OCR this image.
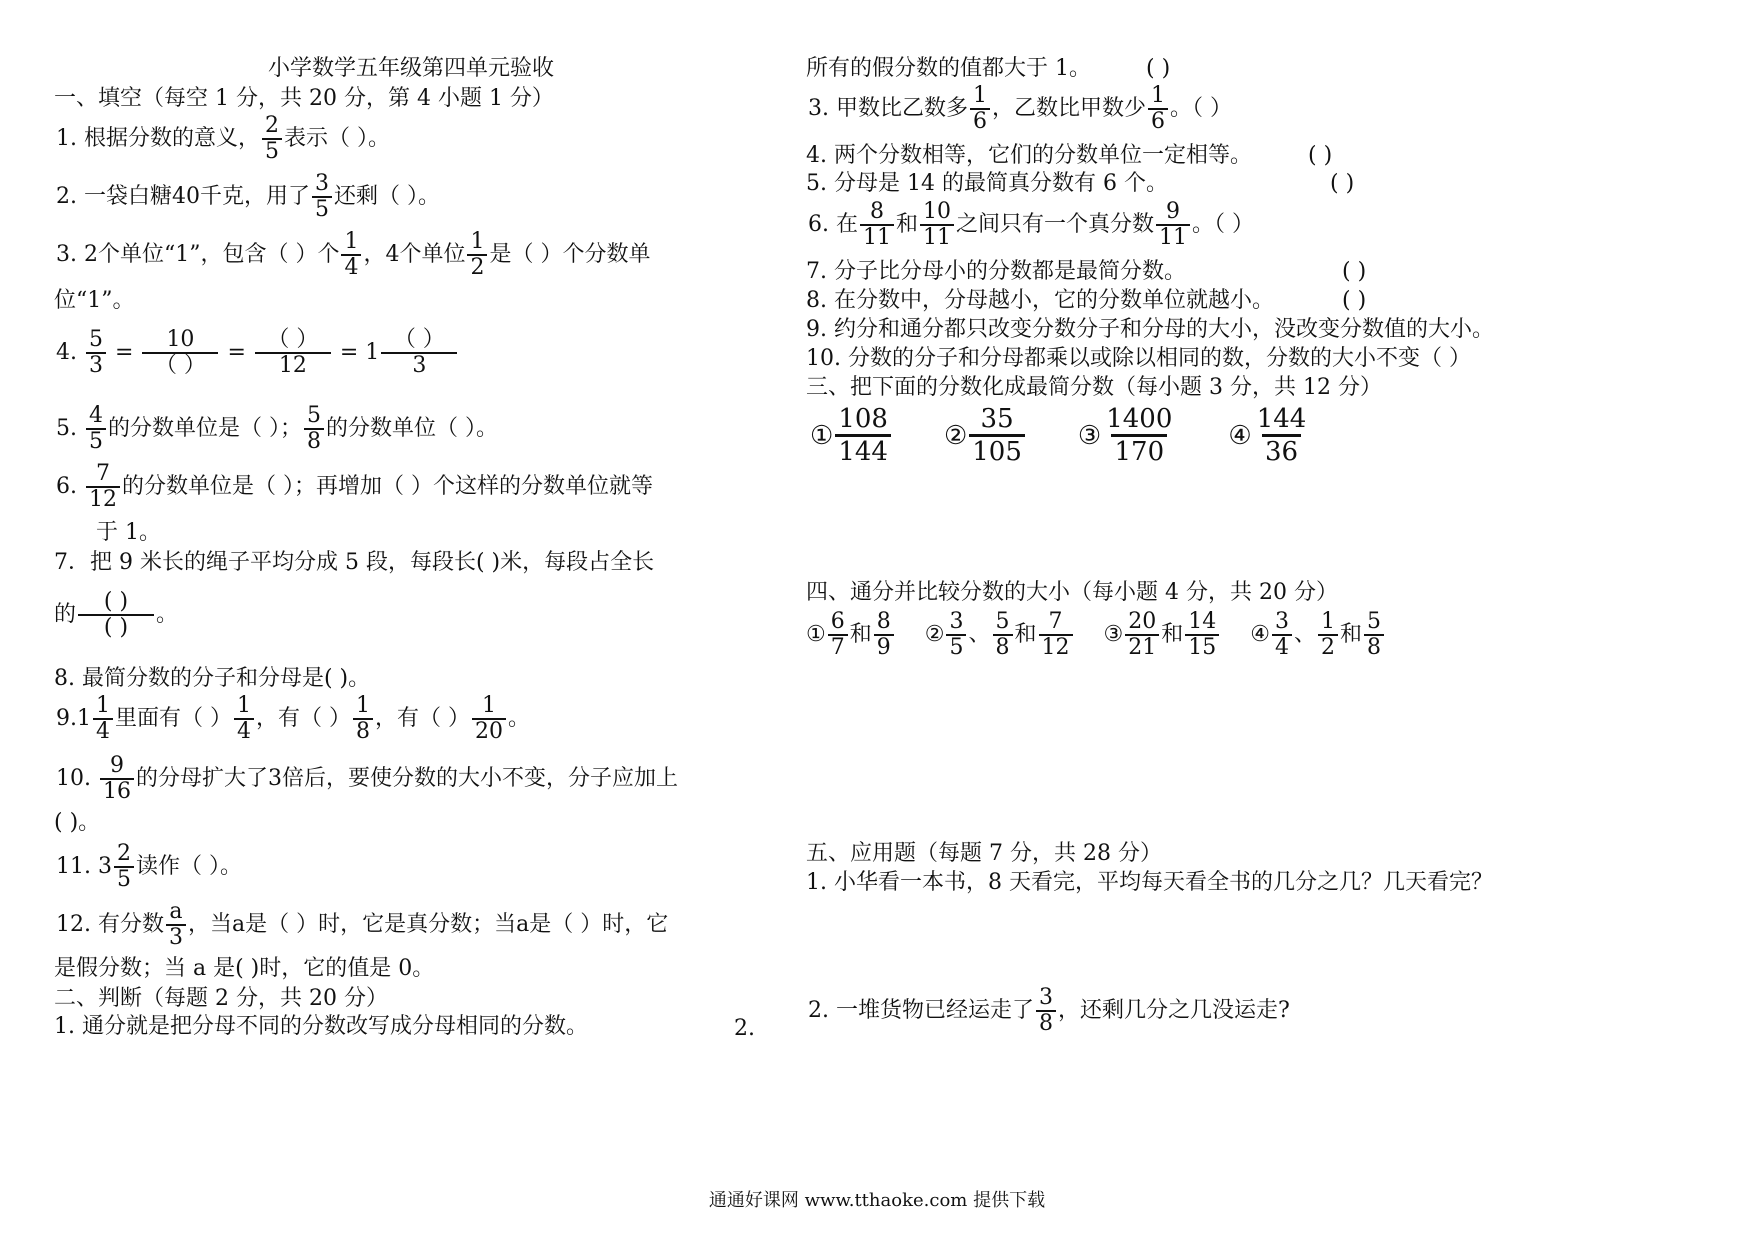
小学数学五年级第四单元验收
一、填空（每空 1 分，共 20 分，第 4 小题 1 分）
1. 根据分数的意义， $\frac{2}{5}$ 表示（ ）。
2. 一袋白糖40千克，用了 $\frac{3}{5}$ 还剩（ ）。
3. 2个单位“1”，包含（ ）个 $\frac{1}{4}$ ，4个单位 $\frac{1}{2}$ 是（ ）个分数单
位“1”。
4. $\frac{5}{3}$ =
10
（ ）
=
（ ）
12
= 1
（ ）
3
5. $\frac{4}{5}$ 的分数单位是（ ）； $\frac{5}{8}$ 的分数单位（ ）。
6. $\frac{7}{12}$ 的分数单位是（ ）；再增加（ ）个这样的分数单位就等
于 1。
7．把 9 米长的绳子平均分成 5 段，每段长( )米，每段占全长
的
( )
( )
。
8. 最简分数的分子和分母是( )。
$9.1 \frac{1}{4}$ 里面有（ ） $\frac{1}{4}$ ，有（ ） $\frac{1}{8}$ ，有（ ） $\frac{1}{20}$ 。
10. $\frac{9}{16}$ 的分母扩大了3倍后，要使分数的大小不变，分子应加上
( )。
11. $3 \frac{2}{5}$ 读作（ ）。
12. 有分数 $\frac{a}{3}$ ，当a是（ ）时，它是真分数；当a是（ ）时，它
是假分数；当 a 是( )时，它的值是 0。
二、判断（每题 2 分，共 20 分）
1. 通分就是把分母不同的分数改写成分母相同的分数。	2.
所有的假分数的值都大于 1。	( )
3. 甲数比乙数多 $\frac{1}{6}$ ，乙数比甲数少 $\frac{1}{6}$ 。（ ）
4. 两个分数相等，它们的分数单位一定相等。	( )
5. 分母是 14 的最简真分数有 6 个。	( )
6. 在 $\frac{8}{11}$ 和 $\frac{10}{11}$ 之间只有一个真分数 $\frac{9}{11}$ 。（ ）
7. 分子比分母小的分数都是最简分数。	( )
8. 在分数中，分母越小，它的分数单位就越小。	( )
9. 约分和通分都只改变分数分子和分母的大小，没改变分数值的大小。
10. 分数的分子和分母都乘以或除以相同的数，分数的大小不变（ ）
三、把下面的分数化成最简分数（每小题 3 分，共 12 分）
① $\frac{108}{144}$ ② $\frac{35}{105}$ ③ $\frac{1400}{170}$ ④ $\frac{144}{36}$
四、通分并比较分数的大小（每小题 4 分，共 20 分）
① $\frac{6}{7}$ 和 $\frac{8}{9}$ ② $\frac{3}{5}$ 、 $\frac{5}{8}$ 和 $\frac{7}{12}$ ③ $\frac{20}{21}$ 和 $\frac{14}{15}$ ④ $\frac{3}{4}$ 、 $\frac{1}{2}$ 和 $\frac{5}{8}$
五、应用题（每题 7 分，共 28 分）
1. 小华看一本书，8 天看完，平均每天看全书的几分之几？几天看完？
2. 一堆货物已经运走了 $\frac{3}{8}$ ，还剩几分之几没运走?
通通好课网 www.tthaoke.com 提供下载
